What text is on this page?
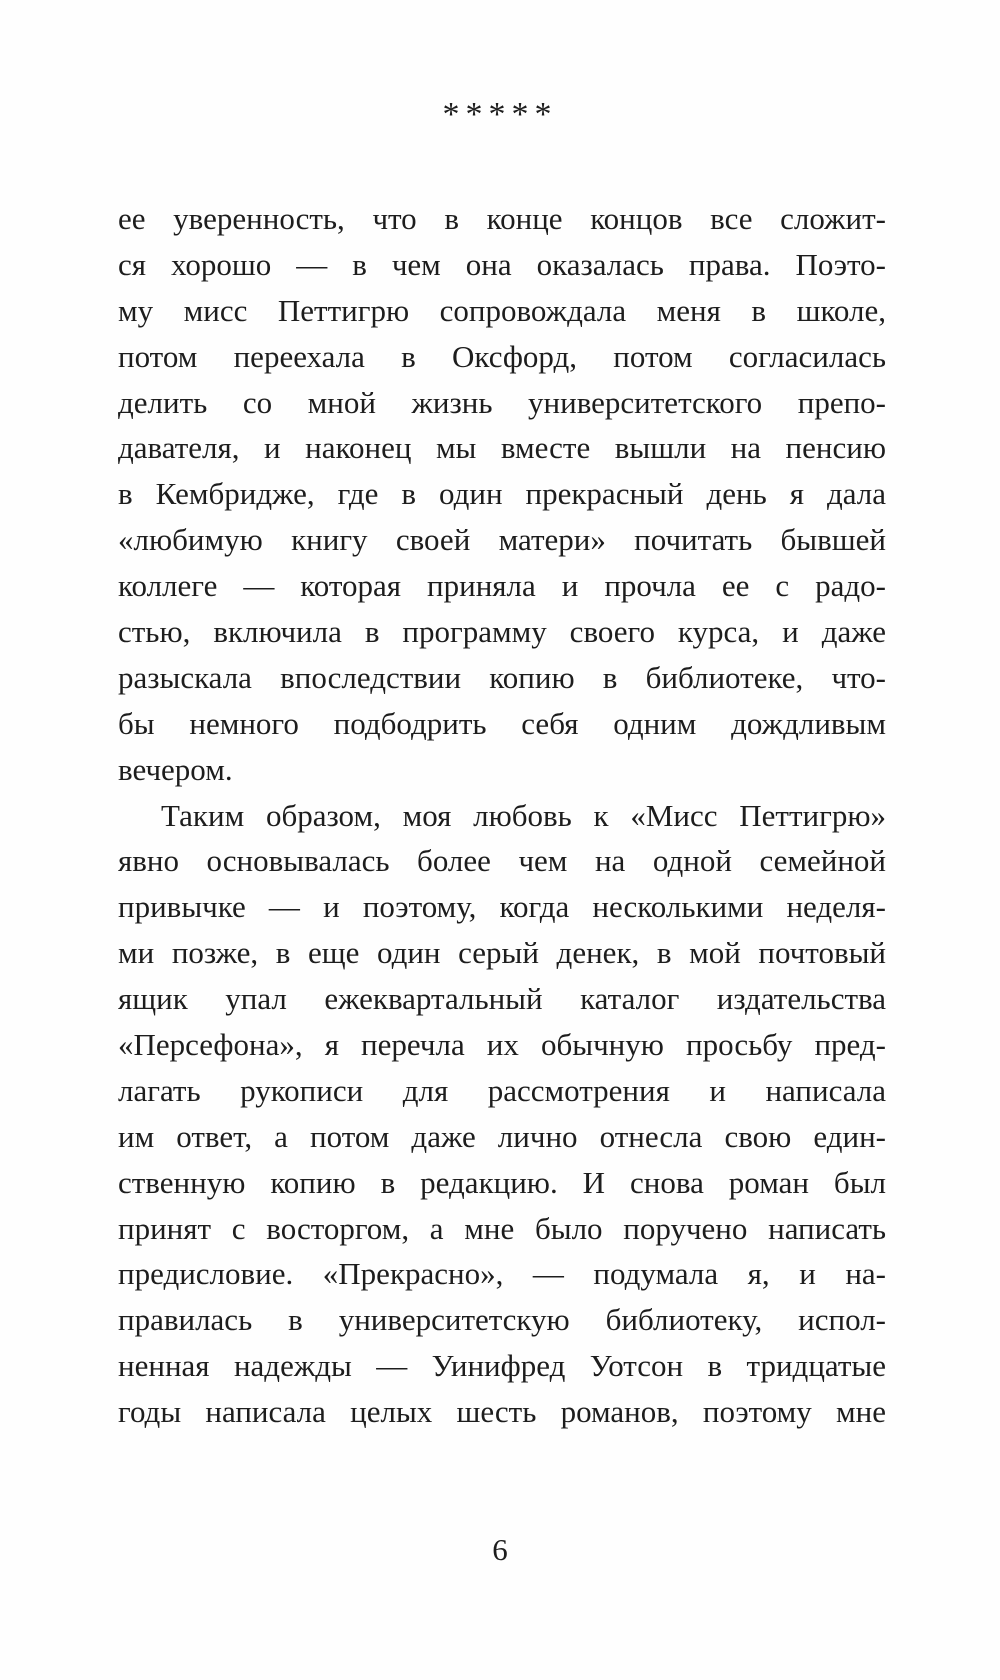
*****
ее уверенность, что в конце концов все сложит-
ся хорошо — в чем она оказалась права. Поэто-
му мисс Петтигрю сопровождала меня в школе,
потом переехала в Оксфорд, потом согласилась
делить со мной жизнь университетского препо-
давателя, и наконец мы вместе вышли на пенсию
в Кембридже, где в один прекрасный день я дала
«любимую книгу своей матери» почитать бывшей
коллеге — которая приняла и прочла ее с радо-
стью, включила в программу своего курса, и даже
разыскала впоследствии копию в библиотеке, что-
бы немного подбодрить себя одним дождливым
вечером.
Таким образом, моя любовь к «Мисс Петтигрю»
явно основывалась более чем на одной семейной
привычке — и поэтому, когда несколькими неделя-
ми позже, в еще один серый денек, в мой почтовый
ящик упал ежеквартальный каталог издательства
«Персефона», я перечла их обычную просьбу пред-
лагать рукописи для рассмотрения и написала
им ответ, а потом даже лично отнесла свою един-
ственную копию в редакцию. И снова роман был
принят с восторгом, а мне было поручено написать
предисловие. «Прекрасно», — подумала я, и на-
правилась в университетскую библиотеку, испол-
ненная надежды — Уинифред Уотсон в тридцатые
годы написала целых шесть романов, поэтому мне
6
